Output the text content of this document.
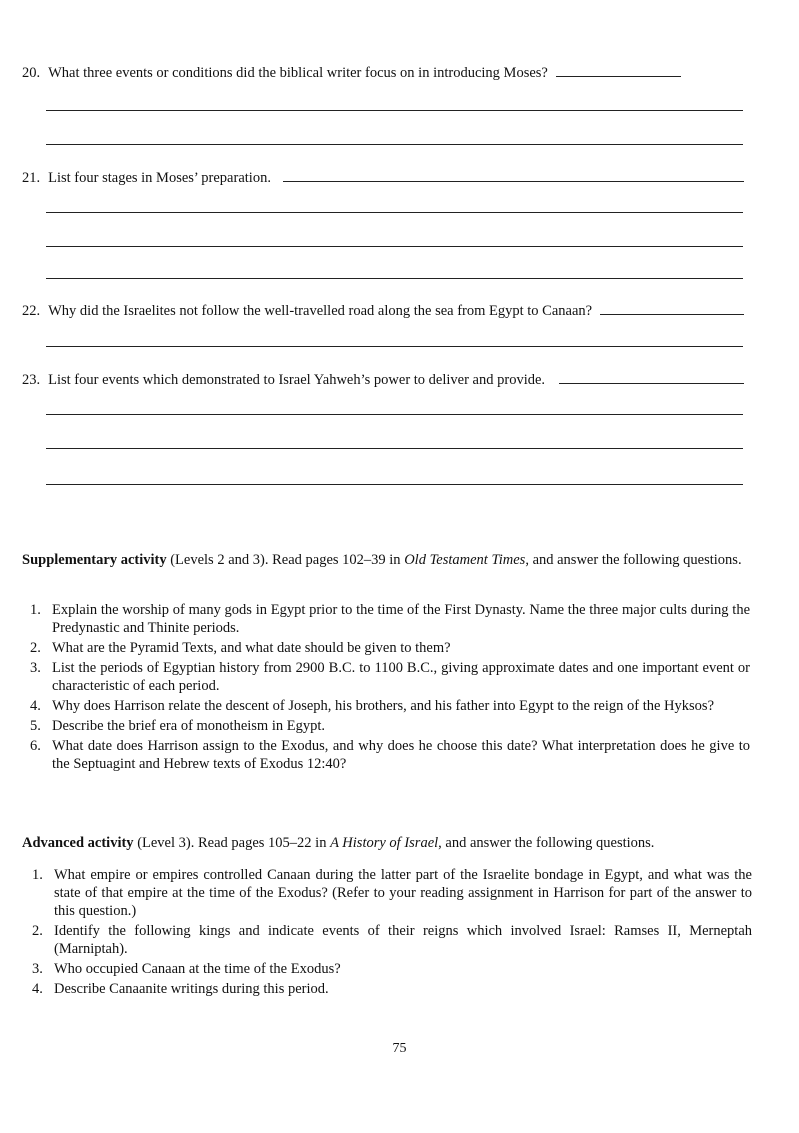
20. What three events or conditions did the biblical writer focus on in introducing Moses?
21. List four stages in Moses’ preparation.
22. Why did the Israelites not follow the well-travelled road along the sea from Egypt to Canaan?
23. List four events which demonstrated to Israel Yahweh’s power to deliver and provide.
Supplementary activity (Levels 2 and 3). Read pages 102–39 in Old Testament Times, and answer the following questions.
1. Explain the worship of many gods in Egypt prior to the time of the First Dynasty. Name the three major cults during the Predynastic and Thinite periods.
2. What are the Pyramid Texts, and what date should be given to them?
3. List the periods of Egyptian history from 2900 B.C. to 1100 B.C., giving approximate dates and one important event or characteristic of each period.
4. Why does Harrison relate the descent of Joseph, his brothers, and his father into Egypt to the reign of the Hyksos?
5. Describe the brief era of monotheism in Egypt.
6. What date does Harrison assign to the Exodus, and why does he choose this date? What interpretation does he give to the Septuagint and Hebrew texts of Exodus 12:40?
Advanced activity (Level 3). Read pages 105–22 in A History of Israel, and answer the following questions.
1. What empire or empires controlled Canaan during the latter part of the Israelite bondage in Egypt, and what was the state of that empire at the time of the Exodus? (Refer to your reading assignment in Harrison for part of the answer to this question.)
2. Identify the following kings and indicate events of their reigns which involved Israel: Ramses II, Merneptah (Marniptah).
3. Who occupied Canaan at the time of the Exodus?
4. Describe Canaanite writings during this period.
75
